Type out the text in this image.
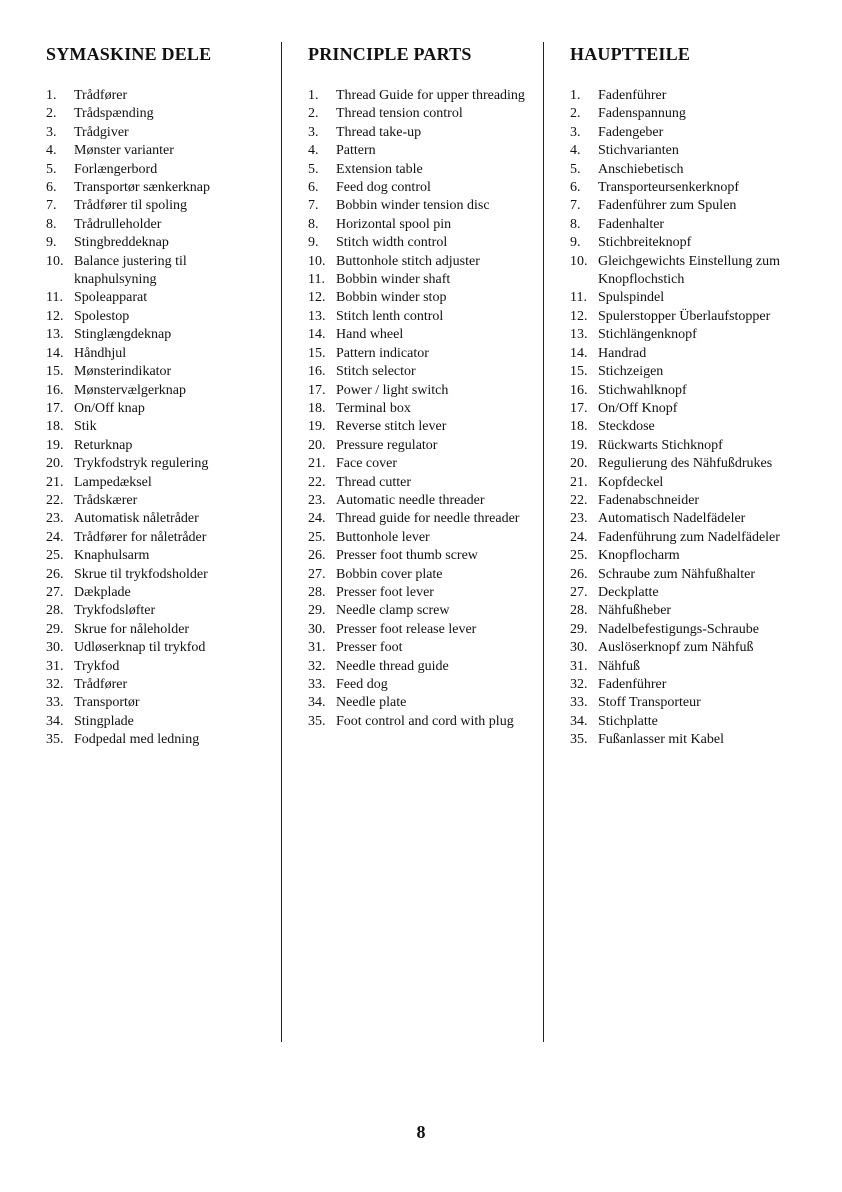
SYMASKINE DELE
1.	Trådfører
2.	Trådspænding
3.	Trådgiver
4.	Mønster varianter
5.	Forlængerbord
6.	Transportør sænkerknap
7.	Trådfører til spoling
8.	Trådrulleholder
9.	Stingbreddeknap
10. Balance justering til knaphulsyning
11. Spoleapparat
12. Spolestop
13. Stinglængdeknap
14. Håndhjul
15. Mønsterindikator
16. Mønstervælgerknap
17. On/Off knap
18. Stik
19. Returknap
20. Trykfodstryk regulering
21. Lampedæksel
22. Trådskærer
23. Automatisk nåletråder
24. Trådfører for nåletråder
25. Knaphulsarm
26. Skrue til trykfodsholder
27. Dækplade
28. Trykfodsløfter
29. Skrue for nåleholder
30. Udløserknap til trykfod
31. Trykfod
32. Trådfører
33. Transportør
34. Stingplade
35. Fodpedal med ledning
PRINCIPLE PARTS
1.	Thread Guide for upper threading
2.	Thread tension control
3.	Thread take-up
4.	Pattern
5.	Extension table
6.	Feed dog control
7.	Bobbin winder tension disc
8.	Horizontal spool pin
9.	Stitch width control
10. Buttonhole stitch adjuster
11. Bobbin winder shaft
12. Bobbin winder stop
13. Stitch lenth control
14. Hand wheel
15. Pattern indicator
16. Stitch selector
17. Power / light switch
18. Terminal box
19. Reverse stitch lever
20. Pressure regulator
21. Face cover
22. Thread cutter
23. Automatic needle threader
24. Thread guide for needle threader
25. Buttonhole lever
26. Presser foot thumb screw
27. Bobbin cover plate
28. Presser foot lever
29. Needle clamp screw
30. Presser foot release lever
31. Presser foot
32. Needle thread guide
33. Feed dog
34. Needle plate
35. Foot control and cord with plug
HAUPTTEILE
1.	Fadenführer
2.	Fadenspannung
3.	Fadengeber
4.	Stichvarianten
5.	Anschiebetisch
6.	Transporteursenkerknopf
7.	Fadenführer zum Spulen
8.	Fadenhalter
9.	Stichbreiteknopf
10. Gleichgewichts Einstellung zum Knopflochstich
11. Spulspindel
12. Spulerstopper Überlaufstopper
13. Stichlängenknopf
14. Handrad
15. Stichzeigen
16. Stichwahlknopf
17. On/Off Knopf
18. Steckdose
19. Rückwarts Stichknopf
20. Regulierung des Nähfußdrukes
21. Kopfdeckel
22. Fadenabschneider
23. Automatisch Nadelfädeler
24. Fadenführung zum Nadelfädeler
25. Knopflocharm
26. Schraube zum Nähfußhalter
27. Deckplatte
28. Nähfußheber
29. Nadelbefestigungs-Schraube
30. Auslöserknopf zum Nähfuß
31. Nähfuß
32. Fadenführer
33. Stoff Transporteur
34. Stichplatte
35. Fußanlasser mit Kabel
8
